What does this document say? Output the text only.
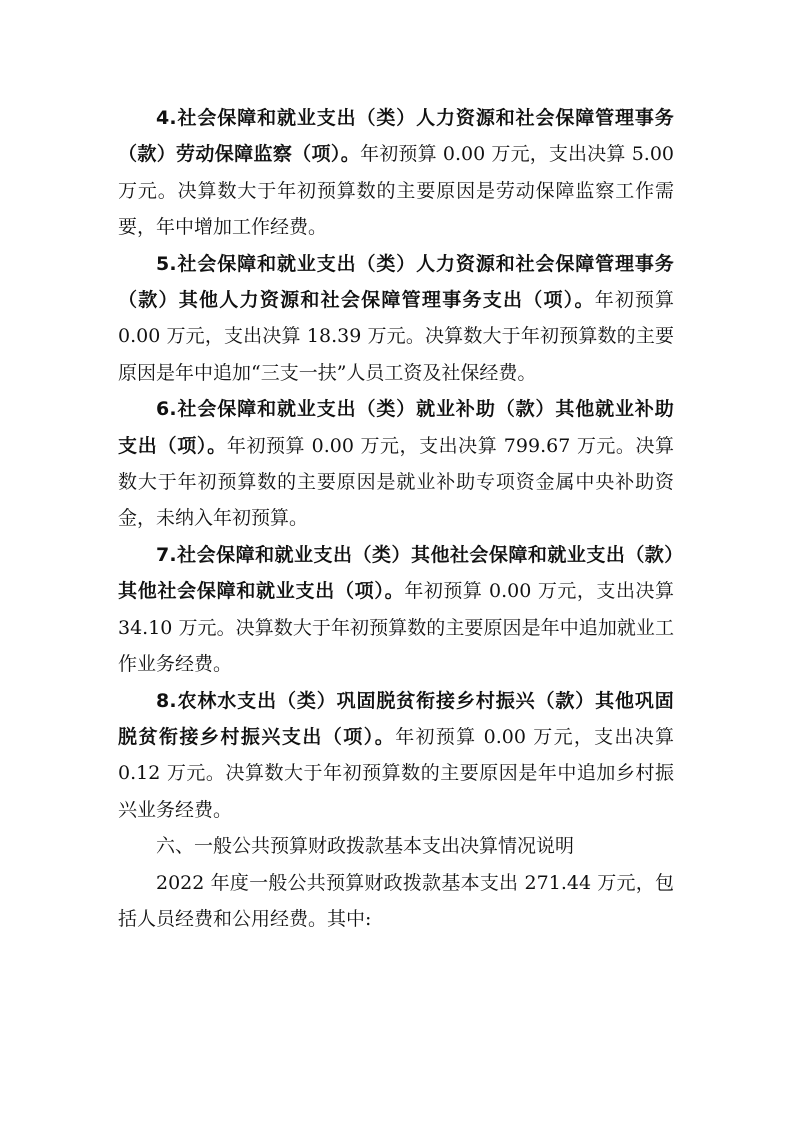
4.社会保障和就业支出（类）人力资源和社会保障管理事务（款）劳动保障监察（项）。年初预算 0.00 万元，支出决算 5.00 万元。决算数大于年初预算数的主要原因是劳动保障监察工作需要，年中增加工作经费。

5.社会保障和就业支出（类）人力资源和社会保障管理事务（款）其他人力资源和社会保障管理事务支出（项）。年初预算 0.00 万元，支出决算 18.39 万元。决算数大于年初预算数的主要原因是年中追加“三支一扶”人员工资及社保经费。

6.社会保障和就业支出（类）就业补助（款）其他就业补助支出（项）。年初预算 0.00 万元，支出决算 799.67 万元。决算数大于年初预算数的主要原因是就业补助专项资金属中央补助资金，未纳入年初预算。

7.社会保障和就业支出（类）其他社会保障和就业支出（款）其他社会保障和就业支出（项）。年初预算 0.00 万元，支出决算 34.10 万元。决算数大于年初预算数的主要原因是年中追加就业工作业务经费。

8.农林水支出（类）巩固脱贫衔接乡村振兴（款）其他巩固脱贫衔接乡村振兴支出（项）。年初预算 0.00 万元，支出决算 0.12 万元。决算数大于年初预算数的主要原因是年中追加乡村振兴业务经费。

六、一般公共预算财政拨款基本支出决算情况说明

2022 年度一般公共预算财政拨款基本支出 271.44 万元，包括人员经费和公用经费。其中:
